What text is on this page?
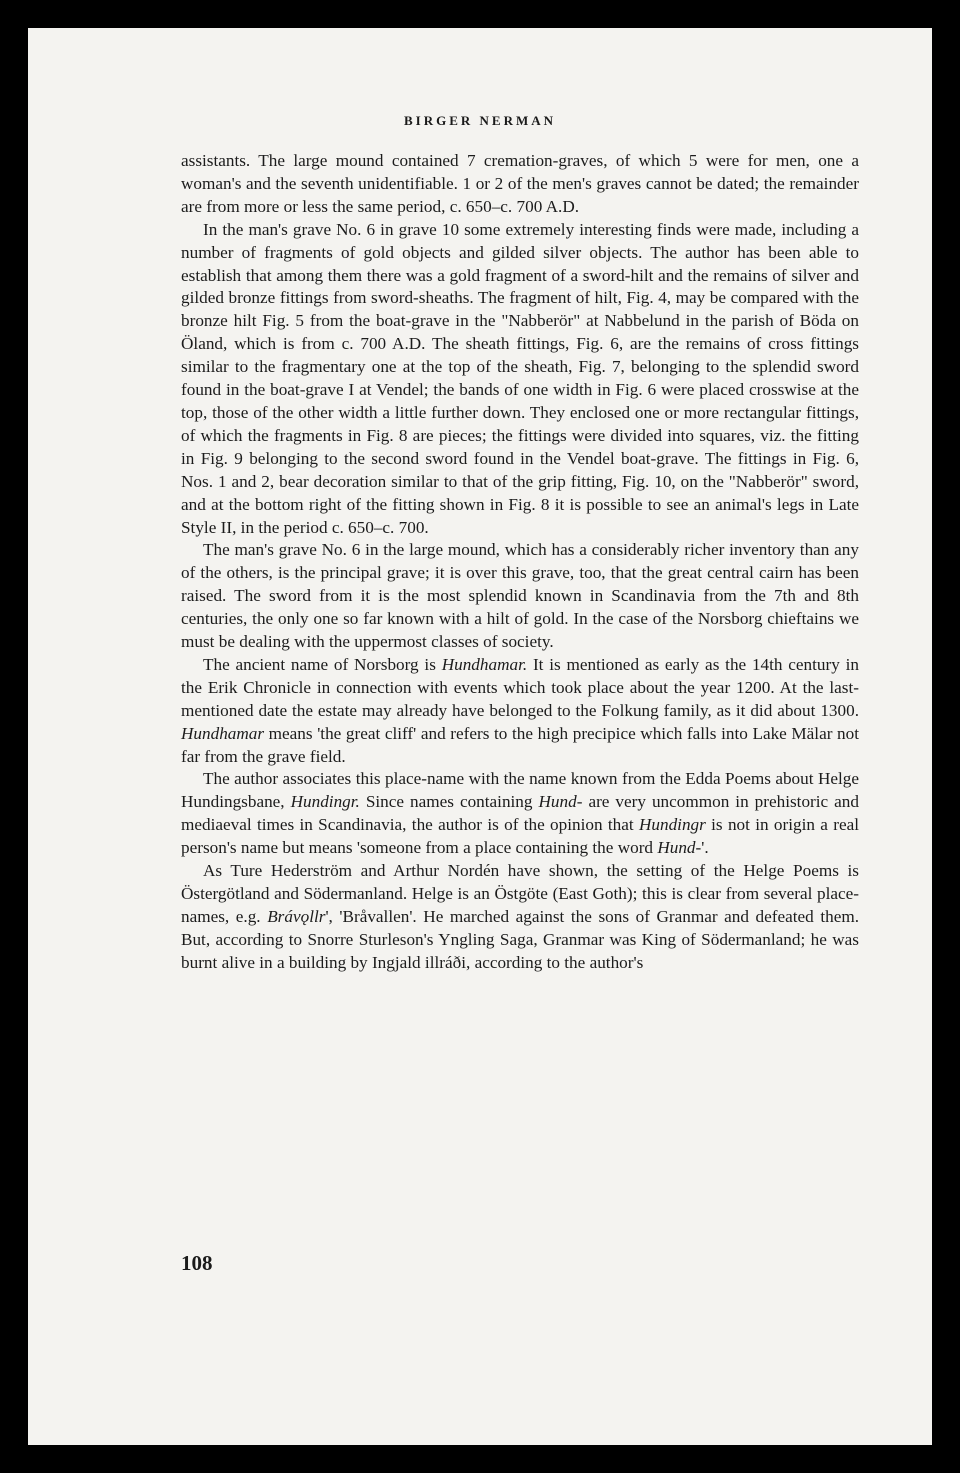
BIRGER NERMAN

assistants. The large mound contained 7 cremation-graves, of which 5 were for men, one a woman's and the seventh unidentifiable. 1 or 2 of the men's graves cannot be dated; the remainder are from more or less the same period, c. 650–c. 700 A.D.

In the man's grave No. 6 in grave 10 some extremely interesting finds were made, including a number of fragments of gold objects and gilded silver objects. The author has been able to establish that among them there was a gold fragment of a sword-hilt and the remains of silver and gilded bronze fittings from sword-sheaths. The fragment of hilt, Fig. 4, may be compared with the bronze hilt Fig. 5 from the boat-grave in the "Nabberör" at Nabbelund in the parish of Böda on Öland, which is from c. 700 A.D. The sheath fittings, Fig. 6, are the remains of cross fittings similar to the fragmentary one at the top of the sheath, Fig. 7, belonging to the splendid sword found in the boat-grave I at Vendel; the bands of one width in Fig. 6 were placed crosswise at the top, those of the other width a little further down. They enclosed one or more rectangular fittings, of which the fragments in Fig. 8 are pieces; the fittings were divided into squares, viz. the fitting in Fig. 9 belonging to the second sword found in the Vendel boat-grave. The fittings in Fig. 6, Nos. 1 and 2, bear decoration similar to that of the grip fitting, Fig. 10, on the "Nabberör" sword, and at the bottom right of the fitting shown in Fig. 8 it is possible to see an animal's legs in Late Style II, in the period c. 650–c. 700.

The man's grave No. 6 in the large mound, which has a considerably richer inventory than any of the others, is the principal grave; it is over this grave, too, that the great central cairn has been raised. The sword from it is the most splendid known in Scandinavia from the 7th and 8th centuries, the only one so far known with a hilt of gold. In the case of the Norsborg chieftains we must be dealing with the uppermost classes of society.

The ancient name of Norsborg is Hundhamar. It is mentioned as early as the 14th century in the Erik Chronicle in connection with events which took place about the year 1200. At the last-mentioned date the estate may already have belonged to the Folkung family, as it did about 1300. Hundhamar means 'the great cliff' and refers to the high precipice which falls into Lake Mälar not far from the grave field.

The author associates this place-name with the name known from the Edda Poems about Helge Hundingsbane, Hundingr. Since names containing Hund- are very uncommon in prehistoric and mediaeval times in Scandinavia, the author is of the opinion that Hundingr is not in origin a real person's name but means 'someone from a place containing the word Hund-'.

As Ture Hederström and Arthur Nordén have shown, the setting of the Helge Poems is Östergötland and Södermanland. Helge is an Östgöte (East Goth); this is clear from several place-names, e.g. Brávǫllr', 'Bråvallen'. He marched against the sons of Granmar and defeated them. But, according to Snorre Sturleson's Yngling Saga, Granmar was King of Södermanland; he was burnt alive in a building by Ingjald illráði, according to the author's

108
